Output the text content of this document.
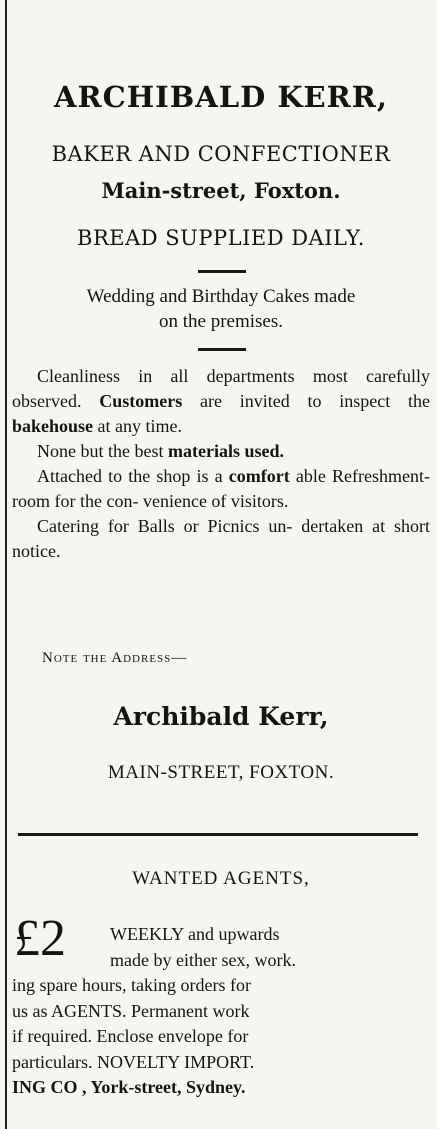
ARCHIBALD KERR,
BAKER AND CONFECTIONER
Main-street, Foxton.
BREAD SUPPLIED DAILY.
Wedding and Birthday Cakes made
on the premises.
Cleanliness in all departments most carefully observed. Customers are invited to inspect the bakehouse at any time.
None but the best materials used.
Attached to the shop is a comfort able Refreshment-room for the con- venience of visitors.
Catering for Balls or Picnics un- dertaken at short notice.
Note the Address—
Archibald Kerr,
MAIN-STREET, FOXTON.
WANTED AGENTS,
£2	WEEKLY and upwards
made by either sex, work.
ing spare hours, taking orders for
us as AGENTS. Permanent work
if required. Enclose envelope for
particulars. NOVELTY IMPORT.
ING CO , York-street, Sydney.
